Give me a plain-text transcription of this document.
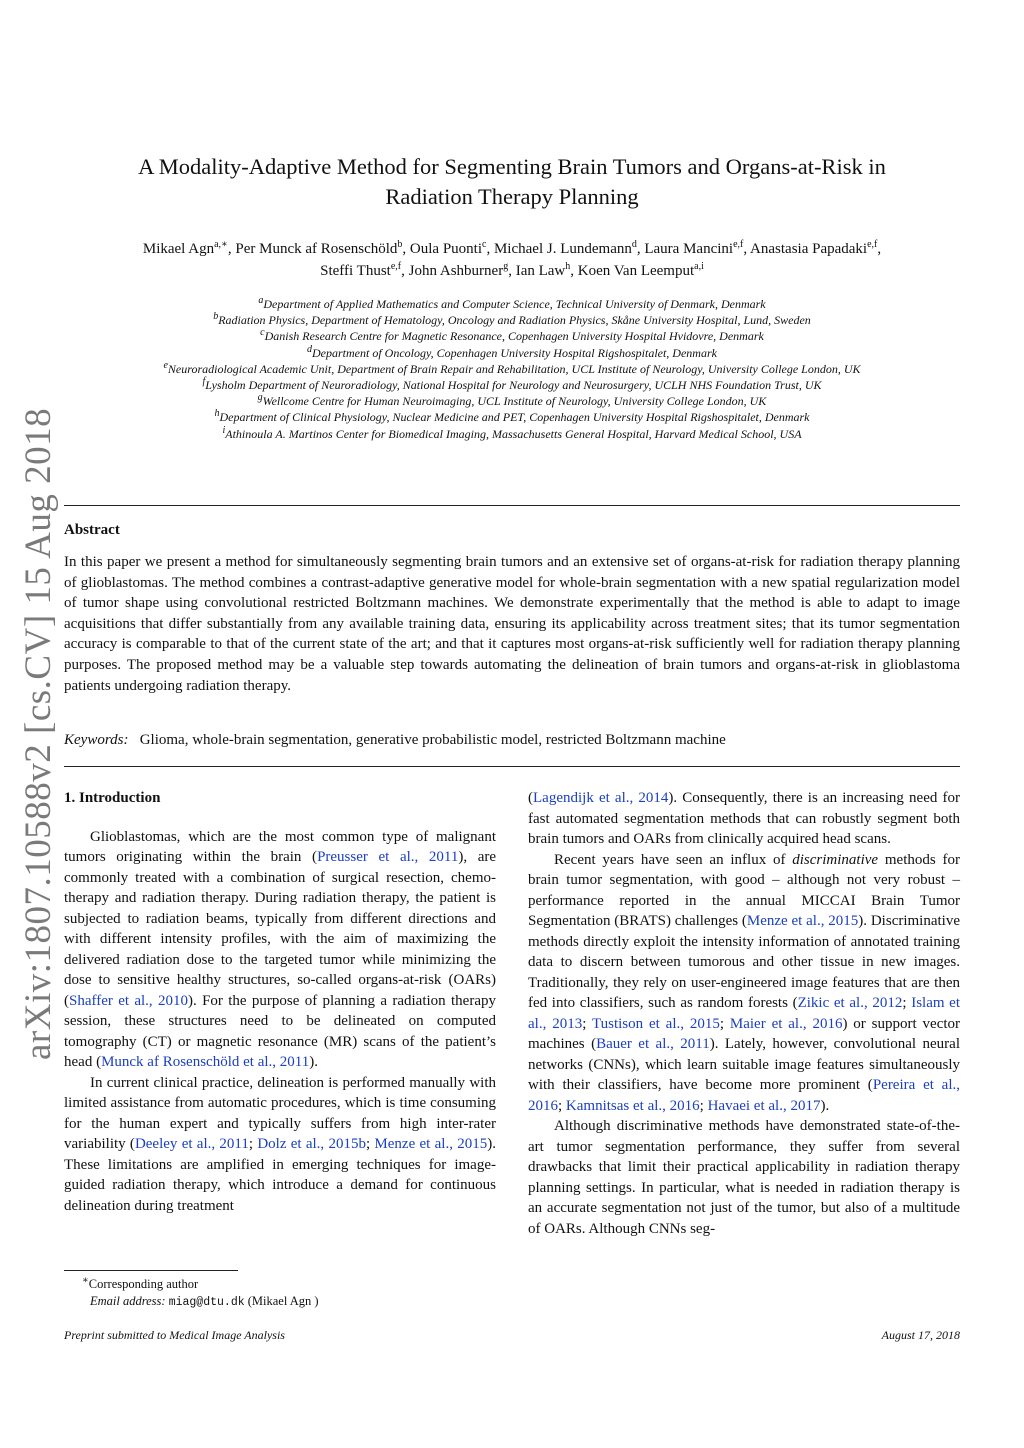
arXiv:1807.10588v2 [cs.CV] 15 Aug 2018
A Modality-Adaptive Method for Segmenting Brain Tumors and Organs-at-Risk in
Radiation Therapy Planning
Mikael Agn$^{a,∗}$, Per Munck af Rosenschöld$^b$, Oula Puonti$^c$, Michael J. Lundemann$^d$, Laura Mancini$^{e,f}$, Anastasia Papadaki$^{e,f}$,
Steffi Thust$^{e,f}$, John Ashburner$^g$, Ian Law$^h$, Koen Van Leemput$^{a,i}$
$^a$Department of Applied Mathematics and Computer Science, Technical University of Denmark, Denmark
$^b$Radiation Physics, Department of Hematology, Oncology and Radiation Physics, Skåne University Hospital, Lund, Sweden
$^c$Danish Research Centre for Magnetic Resonance, Copenhagen University Hospital Hvidovre, Denmark
$^d$Department of Oncology, Copenhagen University Hospital Rigshospitalet, Denmark
$^e$Neuroradiological Academic Unit, Department of Brain Repair and Rehabilitation, UCL Institute of Neurology, University College London, UK
$^f$Lysholm Department of Neuroradiology, National Hospital for Neurology and Neurosurgery, UCLH NHS Foundation Trust, UK
$^g$Wellcome Centre for Human Neuroimaging, UCL Institute of Neurology, University College London, UK
$^h$Department of Clinical Physiology, Nuclear Medicine and PET, Copenhagen University Hospital Rigshospitalet, Denmark
$^i$Athinoula A. Martinos Center for Biomedical Imaging, Massachusetts General Hospital, Harvard Medical School, USA
Abstract
In this paper we present a method for simultaneously segmenting brain tumors and an extensive set of organs-at-risk for radiation therapy planning of glioblastomas. The method combines a contrast-adaptive generative model for whole-brain segmentation with a new spatial regularization model of tumor shape using convolutional restricted Boltzmann machines. We demonstrate experimentally that the method is able to adapt to image acquisitions that differ substantially from any available training data, ensuring its applicability across treatment sites; that its tumor segmentation accuracy is comparable to that of the current state of the art; and that it captures most organs-at-risk sufficiently well for radiation therapy planning purposes. The proposed method may be a valuable step towards automating the delineation of brain tumors and organs-at-risk in glioblastoma patients undergoing radiation therapy.
Keywords: Glioma, whole-brain segmentation, generative probabilistic model, restricted Boltzmann machine

1. Introduction

Glioblastomas, which are the most common type of malignant tumors originating within the brain (Preusser et al., 2011), are commonly treated with a combination of surgical resection, chemo-therapy and radiation therapy. During radiation therapy, the patient is subjected to radiation beams, typically from different directions and with different intensity profiles, with the aim of maximizing the delivered radiation dose to the targeted tumor while minimizing the dose to sensitive healthy structures, so-called organs-at-risk (OARs) (Shaffer et al., 2010). For the purpose of planning a radiation therapy session, these structures need to be delineated on computed tomography (CT) or magnetic resonance (MR) scans of the patient’s head (Munck af Rosenschöld et al., 2011).

In current clinical practice, delineation is performed manually with limited assistance from automatic procedures, which is time consuming for the human expert and typically suffers from high inter-rater variability (Deeley et al., 2011; Dolz et al., 2015b; Menze et al., 2015). These limitations are amplified in emerging techniques for image-guided radiation therapy, which introduce a demand for continuous delineation during treatment

(Lagendijk et al., 2014). Consequently, there is an increasing need for fast automated segmentation methods that can robustly segment both brain tumors and OARs from clinically acquired head scans.

Recent years have seen an influx of discriminative methods for brain tumor segmentation, with good – although not very robust – performance reported in the annual MICCAI Brain Tumor Segmentation (BRATS) challenges (Menze et al., 2015). Discriminative methods directly exploit the intensity information of annotated training data to discern between tumorous and other tissue in new images. Traditionally, they rely on user-engineered image features that are then fed into classifiers, such as random forests (Zikic et al., 2012; Islam et al., 2013; Tustison et al., 2015; Maier et al., 2016) or support vector machines (Bauer et al., 2011). Lately, however, convolutional neural networks (CNNs), which learn suitable image features simultaneously with their classifiers, have become more prominent (Pereira et al., 2016; Kamnitsas et al., 2016; Havaei et al., 2017).

Although discriminative methods have demonstrated state-of-the-art tumor segmentation performance, they suffer from several drawbacks that limit their practical applicability in radiation therapy planning settings. In particular, what is needed in radiation therapy is an accurate segmentation not just of the tumor, but also of a multitude of OARs. Although CNNs seg-

∗Corresponding author
Email address: miag@dtu.dk (Mikael Agn )
Preprint submitted to Medical Image Analysis	August 17, 2018
